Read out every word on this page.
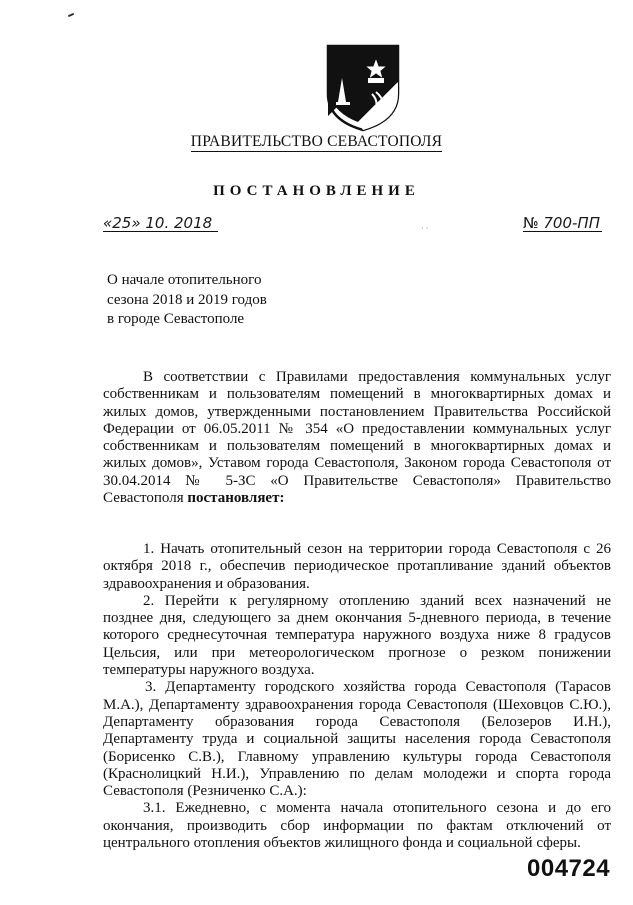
ПРАВИТЕЛЬСТВО СЕВАСТОПОЛЯ
ПОСТАНОВЛЕНИЕ
«25» 10. 2018	· ·	№ 700-ПП
О начале отопительного
сезона 2018 и 2019 годов
в городе Севастополе

В соответствии с Правилами предоставления коммунальных услуг собственникам и пользователям помещений в многоквартирных домах и жилых домов, утвержденными постановлением Правительства Российской Федерации от 06.05.2011 № 354 «О предоставлении коммунальных услуг собственникам и пользователям помещений в многоквартирных домах и жилых домов», Уставом города Севастополя, Законом города Севастополя от 30.04.2014 № 5-ЗС «О Правительстве Севастополя» Правительство Севастополя постановляет:

1. Начать отопительный сезон на территории города Севастополя с 26 октября 2018 г., обеспечив периодическое протапливание зданий объектов здравоохранения и образования.

2. Перейти к регулярному отоплению зданий всех назначений не позднее дня, следующего за днем окончания 5-дневного периода, в течение которого среднесуточная температура наружного воздуха ниже 8 градусов Цельсия, или при метеорологическом прогнозе о резком понижении температуры наружного воздуха.

3. Департаменту городского хозяйства города Севастополя (Тарасов М.А.), Департаменту здравоохранения города Севастополя (Шеховцов С.Ю.), Департаменту образования города Севастополя (Белозеров И.Н.), Департаменту труда и социальной защиты населения города Севастополя (Борисенко С.В.), Главному управлению культуры города Севастополя (Краснолицкий Н.И.), Управлению по делам молодежи и спорта города Севастополя (Резниченко С.А.):

3.1. Ежедневно, с момента начала отопительного сезона и до его окончания, производить сбор информации по фактам отключений от центрального отопления объектов жилищного фонда и социальной сферы.

004724
